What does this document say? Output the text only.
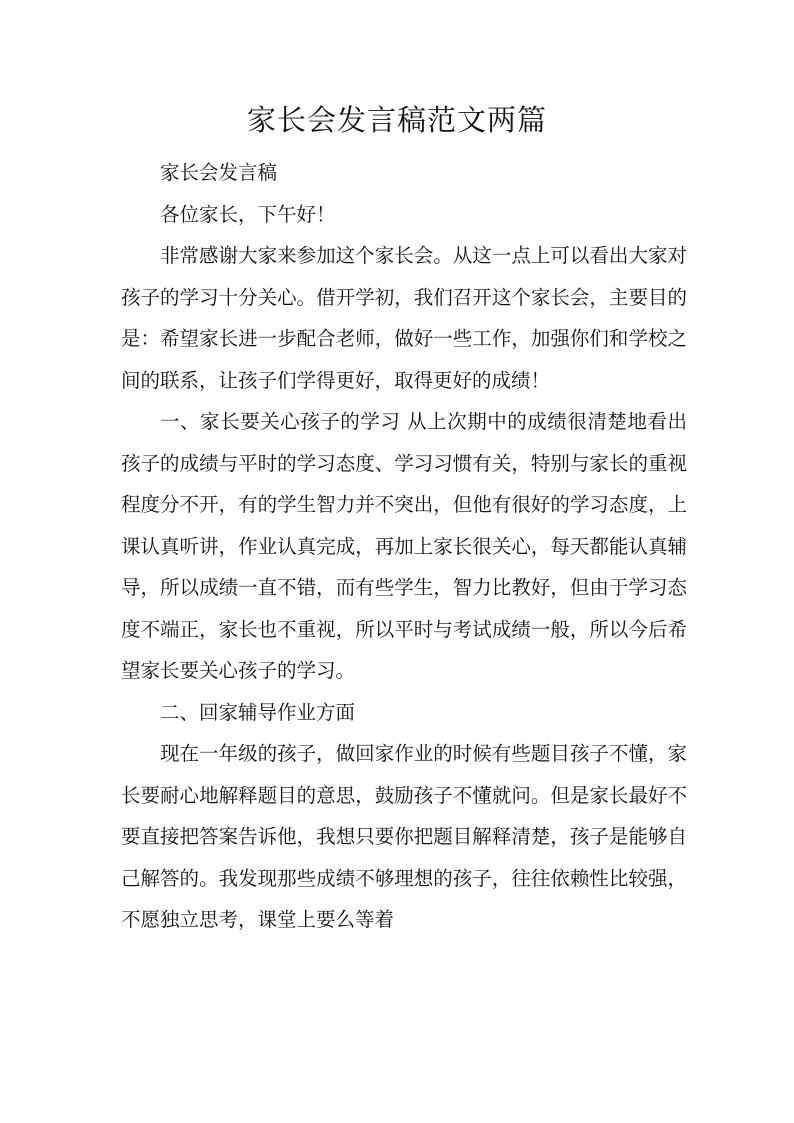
家长会发言稿范文两篇

家长会发言稿

各位家长，下午好！

非常感谢大家来参加这个家长会。从这一点上可以看出大家对孩子的学习十分关心。借开学初，我们召开这个家长会，主要目的是：希望家长进一步配合老师，做好一些工作，加强你们和学校之间的联系，让孩子们学得更好，取得更好的成绩！

一、家长要关心孩子的学习 从上次期中的成绩很清楚地看出孩子的成绩与平时的学习态度、学习习惯有关，特别与家长的重视程度分不开，有的学生智力并不突出，但他有很好的学习态度，上课认真听讲，作业认真完成，再加上家长很关心，每天都能认真辅导，所以成绩一直不错，而有些学生，智力比教好，但由于学习态度不端正，家长也不重视，所以平时与考试成绩一般，所以今后希望家长要关心孩子的学习。

二、回家辅导作业方面

现在一年级的孩子，做回家作业的时候有些题目孩子不懂，家长要耐心地解释题目的意思，鼓励孩子不懂就问。但是家长最好不要直接把答案告诉他，我想只要你把题目解释清楚，孩子是能够自己解答的。我发现那些成绩不够理想的孩子，往往依赖性比较强，不愿独立思考，课堂上要么等着
